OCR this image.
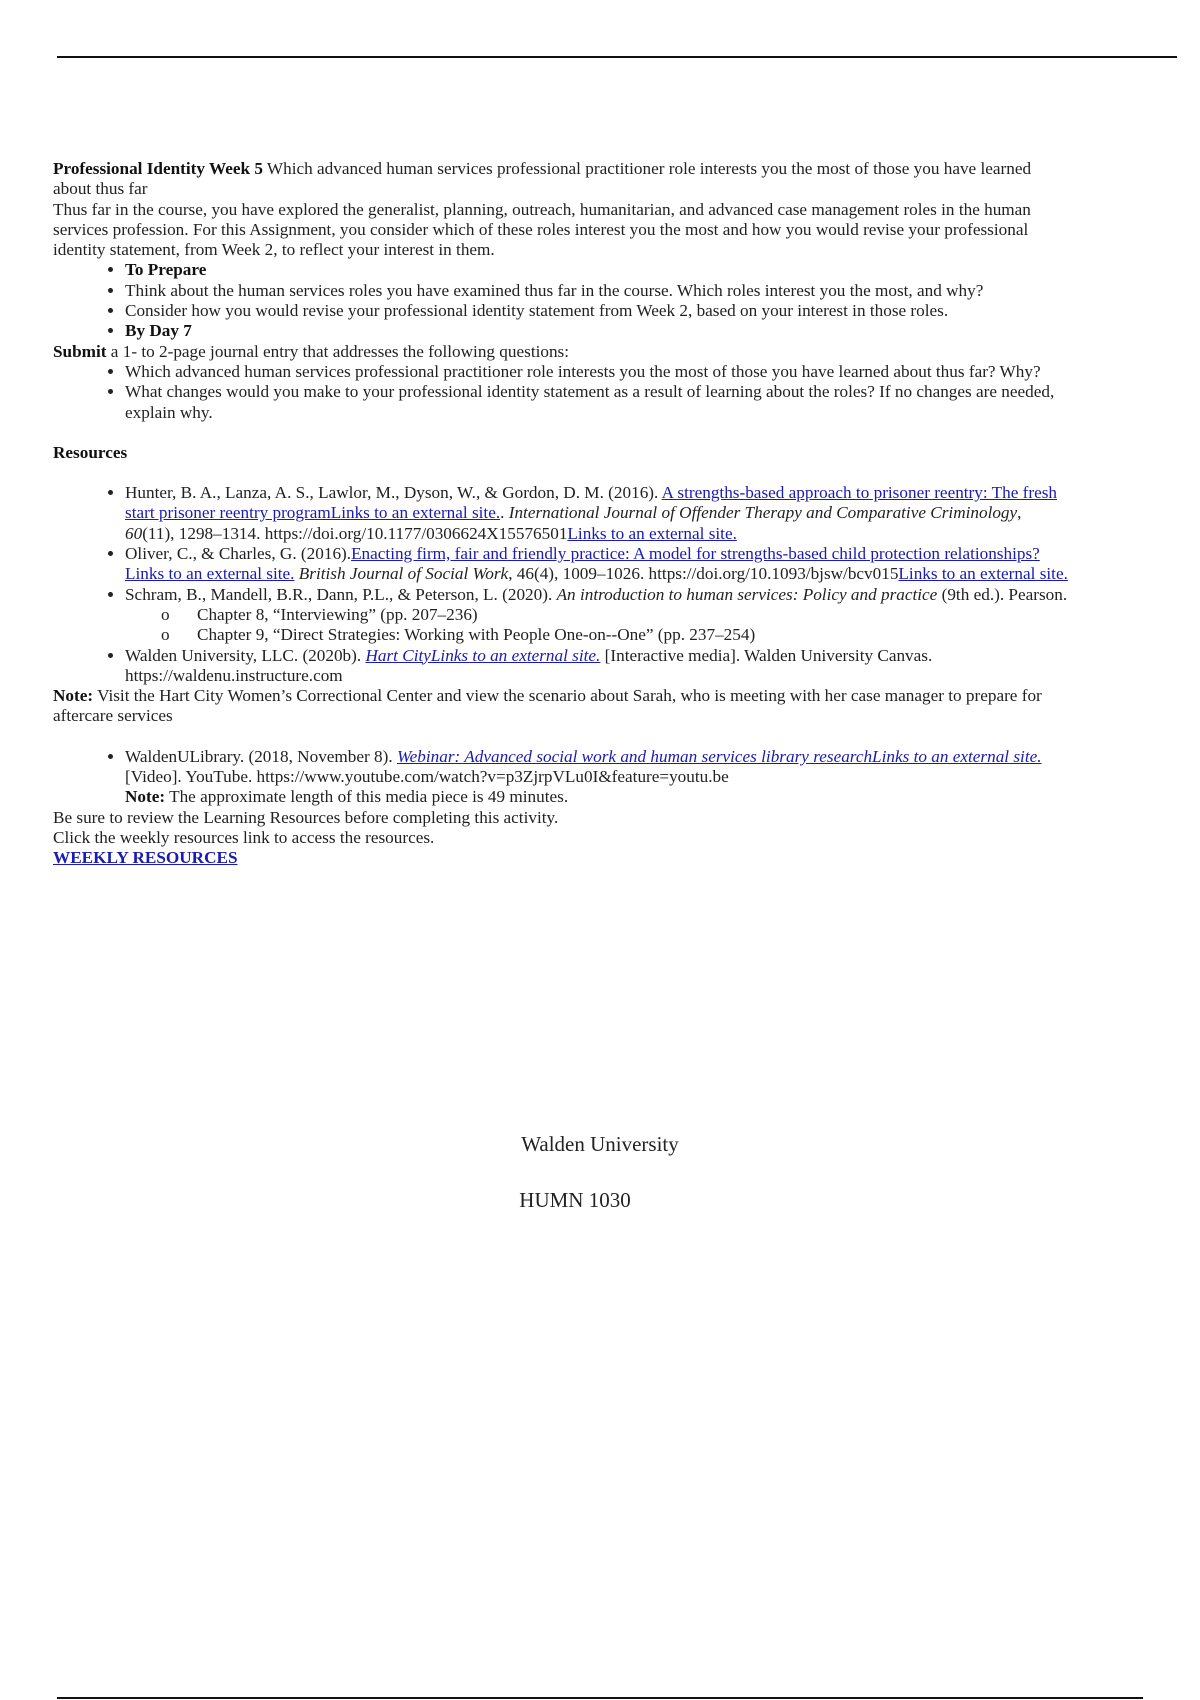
Professional Identity Week 5 Which advanced human services professional practitioner role interests you the most of those you have learned about thus far

Thus far in the course, you have explored the generalist, planning, outreach, humanitarian, and advanced case management roles in the human services profession. For this Assignment, you consider which of these roles interest you the most and how you would revise your professional identity statement, from Week 2, to reflect your interest in them.

• To Prepare
• Think about the human services roles you have examined thus far in the course. Which roles interest you the most, and why?
• Consider how you would revise your professional identity statement from Week 2, based on your interest in those roles.
• By Day 7

Submit a 1- to 2-page journal entry that addresses the following questions:

• Which advanced human services professional practitioner role interests you the most of those you have learned about thus far? Why?
• What changes would you make to your professional identity statement as a result of learning about the roles? If no changes are needed, explain why.

Resources

• Hunter, B. A., Lanza, A. S., Lawlor, M., Dyson, W., & Gordon, D. M. (2016). A strengths-based approach to prisoner reentry: The fresh start prisoner reentry programLinks to an external site.. International Journal of Offender Therapy and Comparative Criminology, 60(11), 1298–1314. https://doi.org/10.1177/0306624X15576501Links to an external site.
• Oliver, C., & Charles, G. (2016).Enacting firm, fair and friendly practice: A model for strengths-based child protection relationships?Links to an external site. British Journal of Social Work, 46(4), 1009–1026. https://doi.org/10.1093/bjsw/bcv015Links to an external site.
• Schram, B., Mandell, B.R., Dann, P.L., & Peterson, L. (2020). An introduction to human services: Policy and practice (9th ed.). Pearson.
o Chapter 8, “Interviewing” (pp. 207–236)
o Chapter 9, “Direct Strategies: Working with People One-on--One” (pp. 237–254)
• Walden University, LLC. (2020b). Hart CityLinks to an external site. [Interactive media]. Walden University Canvas. https://waldenu.instructure.com

Note: Visit the Hart City Women’s Correctional Center and view the scenario about Sarah, who is meeting with her case manager to prepare for aftercare services

• WaldenULibrary. (2018, November 8). Webinar: Advanced social work and human services library researchLinks to an external site. [Video]. YouTube. https://www.youtube.com/watch?v=p3ZjrpVLu0I&feature=youtu.be
Note: The approximate length of this media piece is 49 minutes.

Be sure to review the Learning Resources before completing this activity.

Click the weekly resources link to access the resources.

WEEKLY RESOURCES

Walden University
HUMN 1030
